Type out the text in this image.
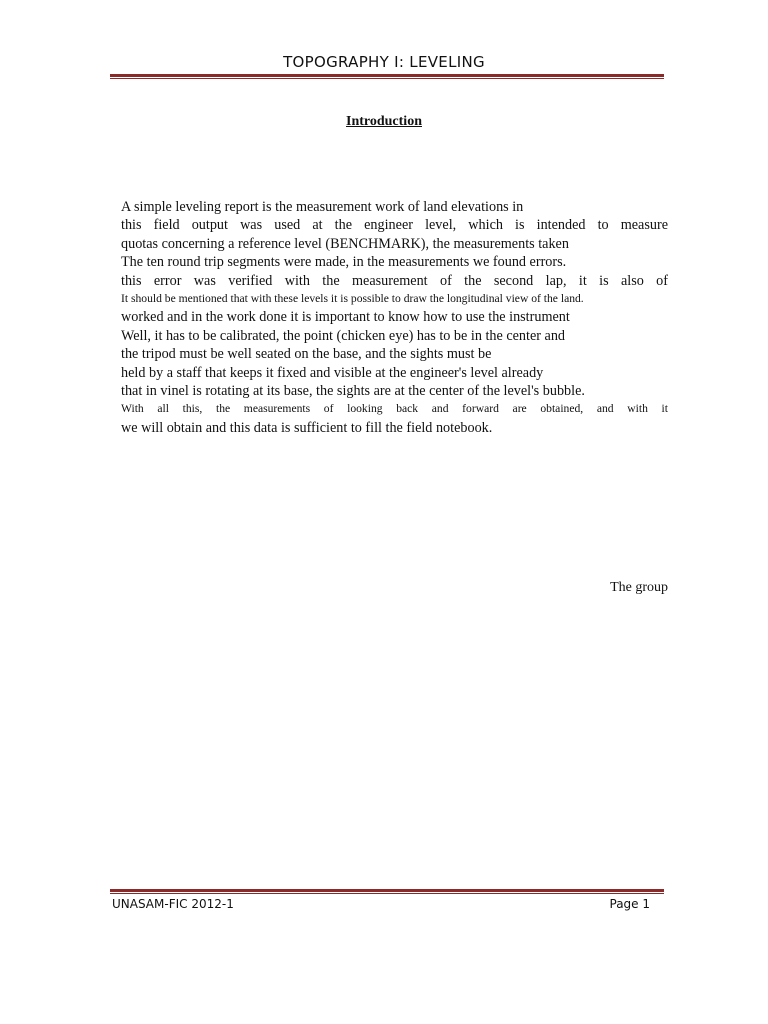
TOPOGRAPHY I: LEVELING
Introduction
A simple leveling report is the measurement work of land elevations in
this field output was used at the engineer level, which is intended to measure
quotas concerning a reference level (BENCHMARK), the measurements taken
The ten round trip segments were made, in the measurements we found errors.
this error was verified with the measurement of the second lap, it is also of
It should be mentioned that with these levels it is possible to draw the longitudinal view of the land.
worked and in the work done it is important to know how to use the instrument
Well, it has to be calibrated, the point (chicken eye) has to be in the center and
the tripod must be well seated on the base, and the sights must be
held by a staff that keeps it fixed and visible at the engineer's level already
that in vinel is rotating at its base, the sights are at the center of the level's bubble.
With all this, the measurements of looking back and forward are obtained, and with it
we will obtain and this data is sufficient to fill the field notebook.
The group
UNASAM-FIC 2012-1	Page 1
